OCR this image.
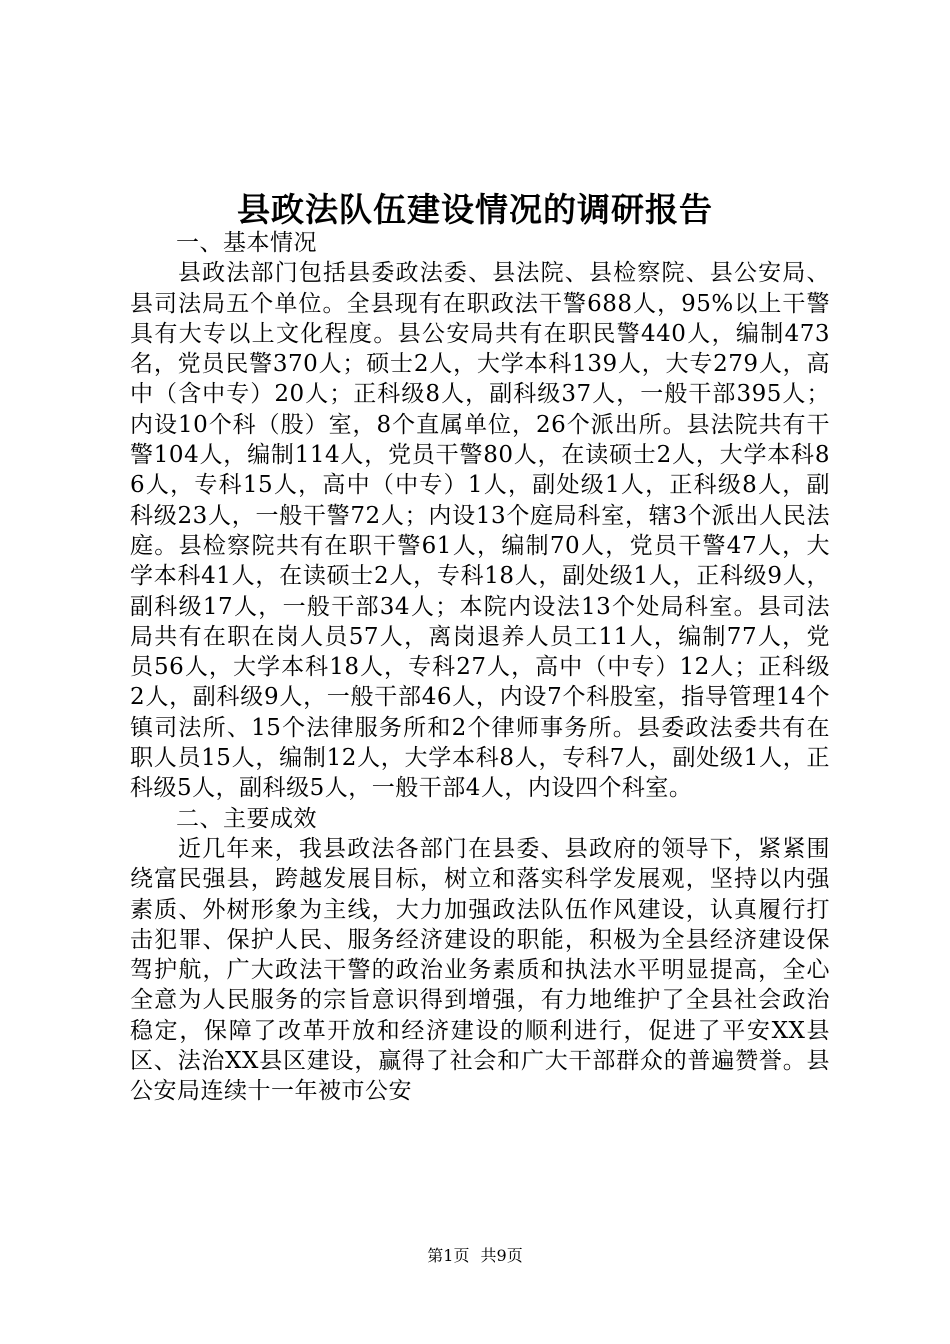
县政法队伍建设情况的调研报告
一、基本情况

县政法部门包括县委政法委、县法院、县检察院、县公安局、县司法局五个单位。全县现有在职政法干警688人，95%以上干警具有大专以上文化程度。县公安局共有在职民警440人，编制473名，党员民警370人；硕士2人，大学本科139人，大专279人，高中（含中专）20人；正科级8人，副科级37人，一般干部395人；内设10个科（股）室，8个直属单位，26个派出所。县法院共有干警104人，编制114人，党员干警80人，在读硕士2人，大学本科86人，专科15人，高中（中专）1人，副处级1人，正科级8人，副科级23人，一般干警72人；内设13个庭局科室，辖3个派出人民法庭。县检察院共有在职干警61人，编制70人，党员干警47人，大学本科41人，在读硕士2人，专科18人，副处级1人，正科级9人，副科级17人，一般干部34人；本院内设法13个处局科室。县司法局共有在职在岗人员57人，离岗退养人员工11人，编制77人，党员56人，大学本科18人，专科27人，高中（中专）12人；正科级2人，副科级9人，一般干部46人，内设7个科股室，指导管理14个镇司法所、15个法律服务所和2个律师事务所。县委政法委共有在职人员15人，编制12人，大学本科8人，专科7人，副处级1人，正科级5人，副科级5人，一般干部4人，内设四个科室。

二、主要成效

近几年来，我县政法各部门在县委、县政府的领导下，紧紧围绕富民强县，跨越发展目标，树立和落实科学发展观，坚持以内强素质、外树形象为主线，大力加强政法队伍作风建设，认真履行打击犯罪、保护人民、服务经济建设的职能，积极为全县经济建设保驾护航，广大政法干警的政治业务素质和执法水平明显提高，全心全意为人民服务的宗旨意识得到增强，有力地维护了全县社会政治稳定，保障了改革开放和经济建设的顺利进行，促进了平安XX县区、法治XX县区建设，赢得了社会和广大干部群众的普遍赞誉。县公安局连续十一年被市公安

第1页 共9页
